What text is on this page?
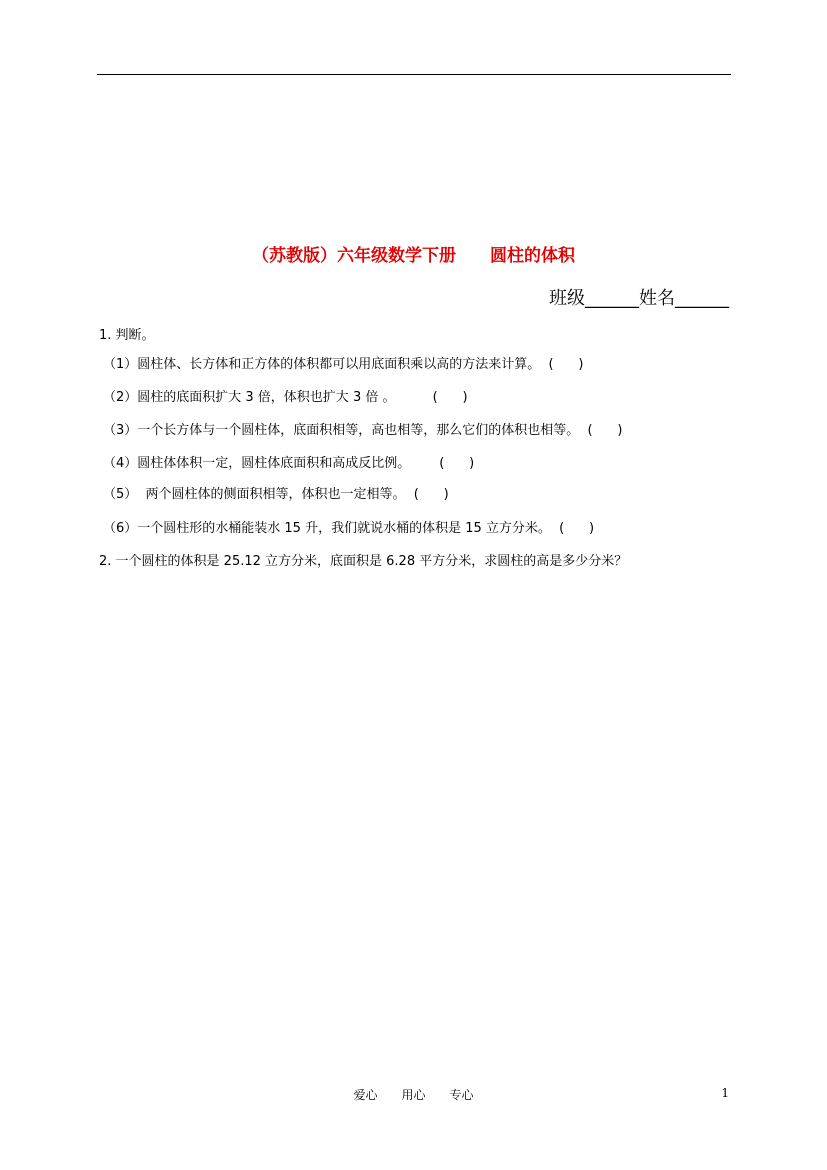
（苏教版）六年级数学下册　　圆柱的体积
班级______姓名______
1. 判断。
（1）圆柱体、长方体和正方体的体积都可以用底面积乘以高的方法来计算。  (      )
（2）圆柱的底面积扩大 3 倍，体积也扩大 3 倍 。         (      )
（3）一个长方体与一个圆柱体，底面积相等，高也相等，那么它们的体积也相等。  (      )
（4）圆柱体体积一定，圆柱体底面积和高成反比例。       (      )
（5）  两个圆柱体的侧面积相等，体积也一定相等。  (      )
（6）一个圆柱形的水桶能装水 15 升，我们就说水桶的体积是 15 立方分米。  (      )
2. 一个圆柱的体积是 25.12 立方分米，底面积是 6.28 平方分米，求圆柱的高是多少分米？
爱心　　用心　　专心	1
